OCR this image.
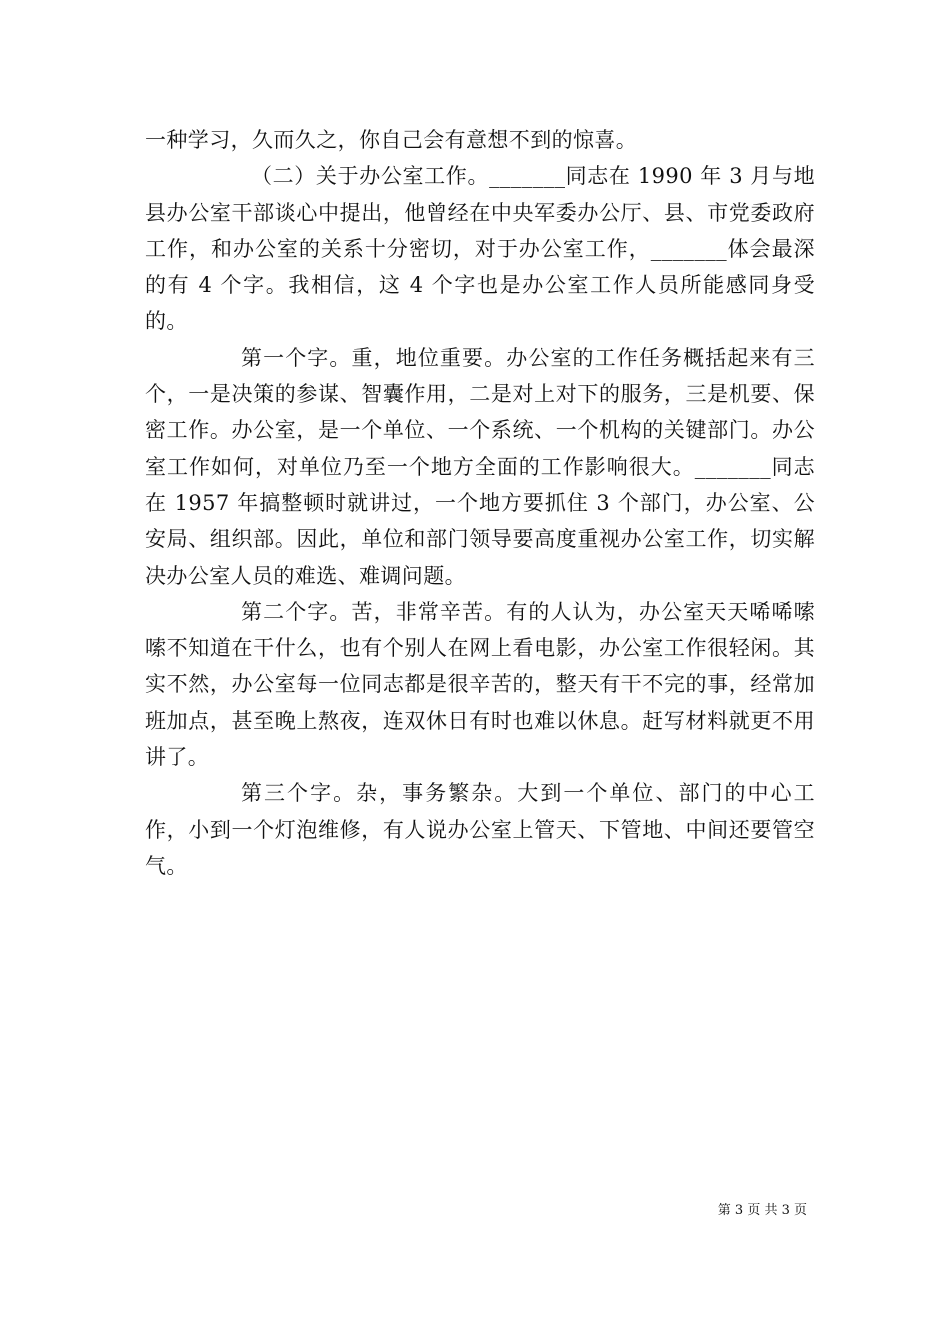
一种学习，久而久之，你自己会有意想不到的惊喜。

（二）关于办公室工作。_______同志在 1990 年 3 月与地县办公室干部谈心中提出，他曾经在中央军委办公厅、县、市党委政府工作，和办公室的关系十分密切，对于办公室工作，_______体会最深的有 4 个字。我相信，这 4 个字也是办公室工作人员所能感同身受的。

第一个字。重，地位重要。办公室的工作任务概括起来有三个，一是决策的参谋、智囊作用，二是对上对下的服务，三是机要、保密工作。办公室，是一个单位、一个系统、一个机构的关键部门。办公室工作如何，对单位乃至一个地方全面的工作影响很大。_______同志在 1957 年搞整顿时就讲过，一个地方要抓住 3 个部门，办公室、公安局、组织部。因此，单位和部门领导要高度重视办公室工作，切实解决办公室人员的难选、难调问题。

第二个字。苦，非常辛苦。有的人认为，办公室天天唏唏嗦嗦不知道在干什么，也有个别人在网上看电影，办公室工作很轻闲。其实不然，办公室每一位同志都是很辛苦的，整天有干不完的事，经常加班加点，甚至晚上熬夜，连双休日有时也难以休息。赶写材料就更不用讲了。

第三个字。杂，事务繁杂。大到一个单位、部门的中心工作，小到一个灯泡维修，有人说办公室上管天、下管地、中间还要管空气。

第 3 页 共 3 页
